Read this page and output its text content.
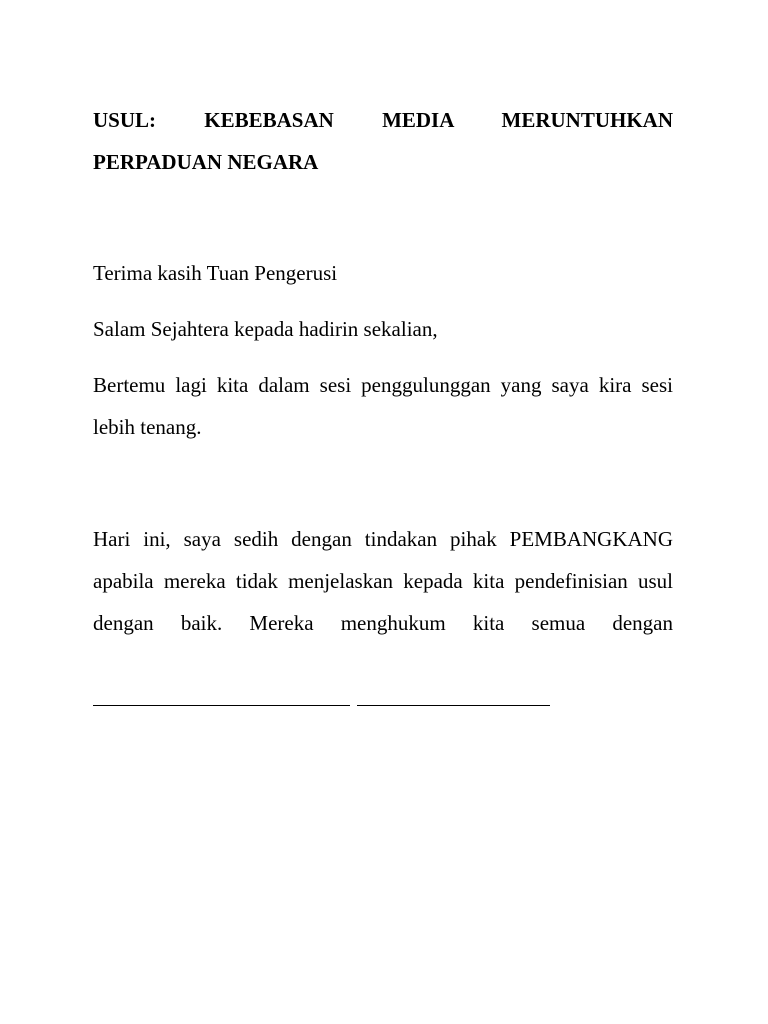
USUL: KEBEBASAN MEDIA MERUNTUHKAN PERPADUAN NEGARA

Terima kasih Tuan Pengerusi

Salam Sejahtera kepada hadirin sekalian,

Bertemu lagi kita dalam sesi penggulunggan yang saya kira sesi lebih tenang.

Hari ini, saya sedih dengan tindakan pihak PEMBANGKANG apabila mereka tidak menjelaskan kepada kita pendefinisian usul dengan baik. Mereka menghukum kita semua dengan
